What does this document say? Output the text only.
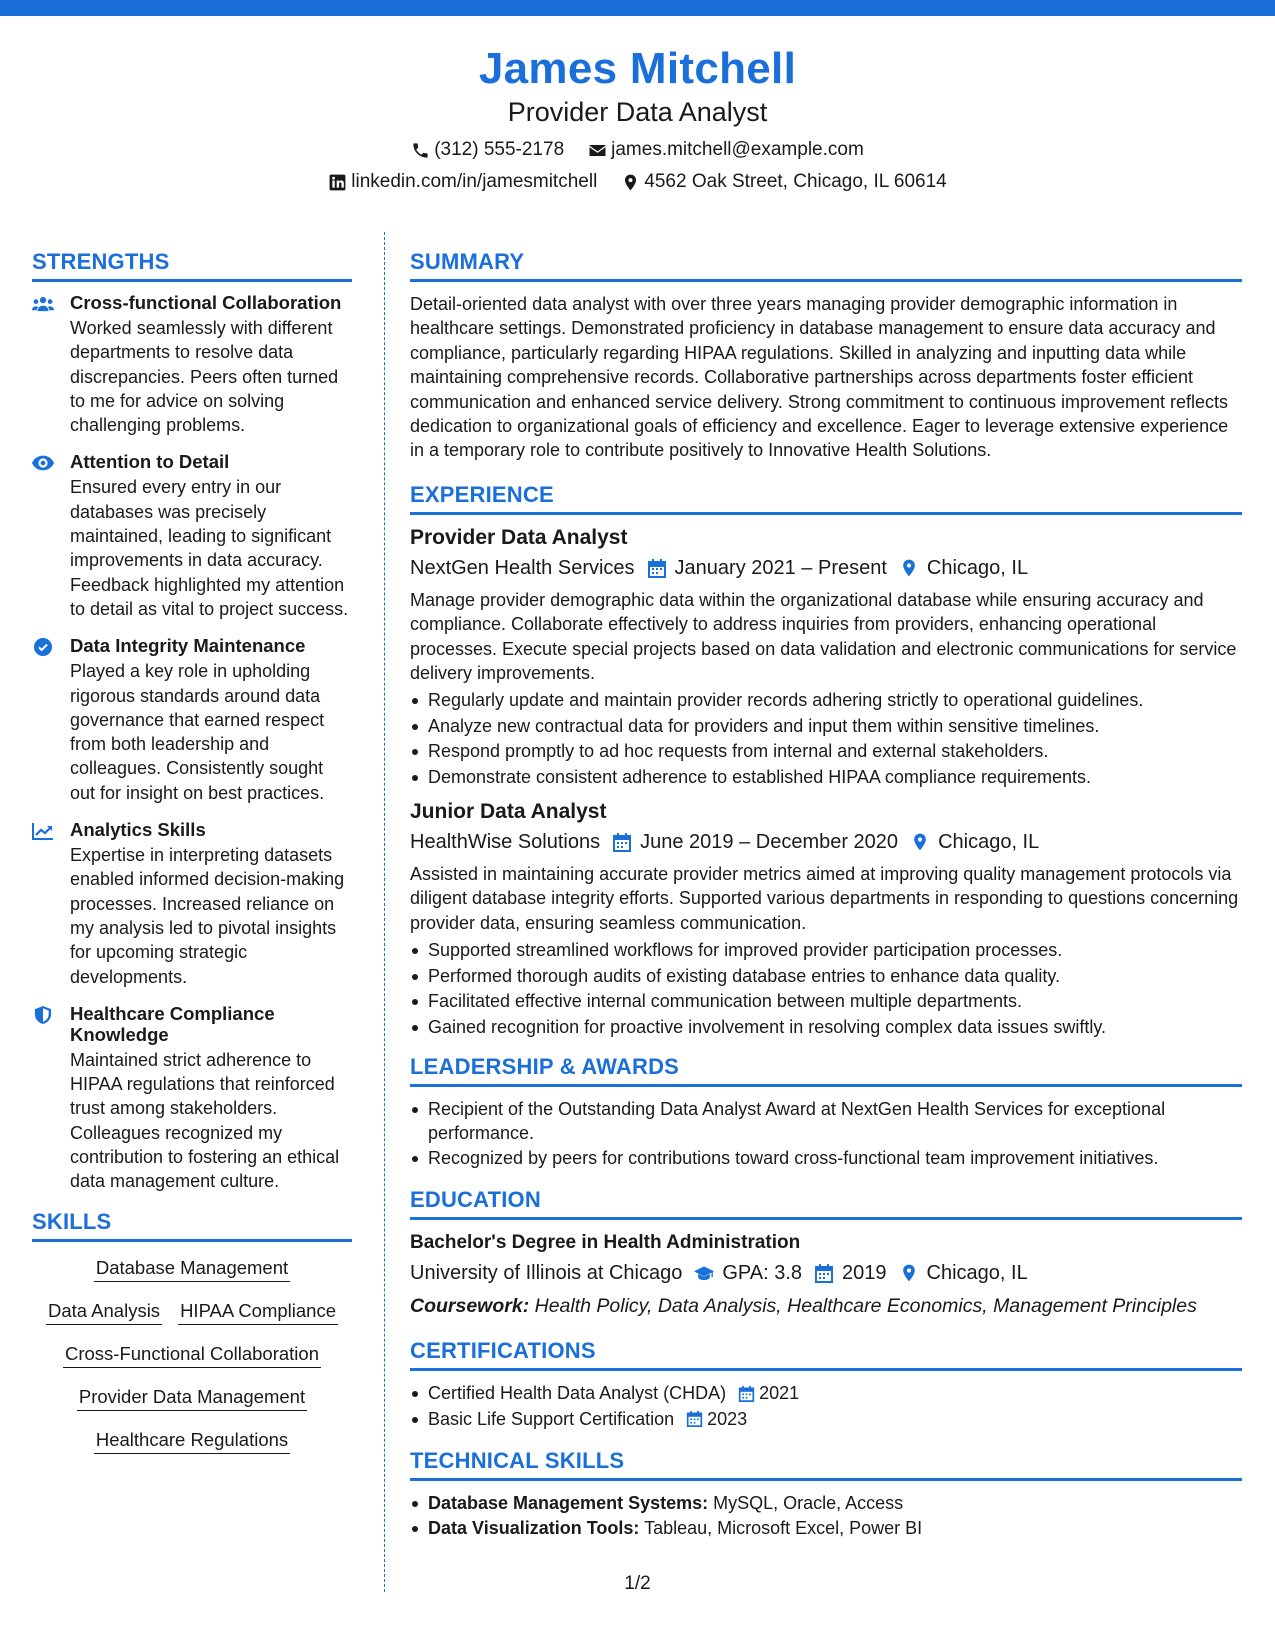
James Mitchell
Provider Data Analyst
(312) 555-2178 james.mitchell@example.com
linkedin.com/in/jamesmitchell 4562 Oak Street, Chicago, IL 60614
STRENGTHS
Cross-functional Collaboration
Worked seamlessly with different departments to resolve data discrepancies. Peers often turned to me for advice on solving challenging problems.
Attention to Detail
Ensured every entry in our databases was precisely maintained, leading to significant improvements in data accuracy. Feedback highlighted my attention to detail as vital to project success.
Data Integrity Maintenance
Played a key role in upholding rigorous standards around data governance that earned respect from both leadership and colleagues. Consistently sought out for insight on best practices.
Analytics Skills
Expertise in interpreting datasets enabled informed decision-making processes. Increased reliance on my analysis led to pivotal insights for upcoming strategic developments.
Healthcare Compliance Knowledge
Maintained strict adherence to HIPAA regulations that reinforced trust among stakeholders. Colleagues recognized my contribution to fostering an ethical data management culture.
SKILLS
Database Management
Data Analysis HIPAA Compliance
Cross-Functional Collaboration
Provider Data Management
Healthcare Regulations
SUMMARY
Detail-oriented data analyst with over three years managing provider demographic information in healthcare settings. Demonstrated proficiency in database management to ensure data accuracy and compliance, particularly regarding HIPAA regulations. Skilled in analyzing and inputting data while maintaining comprehensive records. Collaborative partnerships across departments foster efficient communication and enhanced service delivery. Strong commitment to continuous improvement reflects dedication to organizational goals of efficiency and excellence. Eager to leverage extensive experience in a temporary role to contribute positively to Innovative Health Solutions.
EXPERIENCE
Provider Data Analyst
NextGen Health Services January 2021 – Present Chicago, IL
Manage provider demographic data within the organizational database while ensuring accuracy and compliance. Collaborate effectively to address inquiries from providers, enhancing operational processes. Execute special projects based on data validation and electronic communications for service delivery improvements.
Regularly update and maintain provider records adhering strictly to operational guidelines.
Analyze new contractual data for providers and input them within sensitive timelines.
Respond promptly to ad hoc requests from internal and external stakeholders.
Demonstrate consistent adherence to established HIPAA compliance requirements.
Junior Data Analyst
HealthWise Solutions June 2019 – December 2020 Chicago, IL
Assisted in maintaining accurate provider metrics aimed at improving quality management protocols via diligent database integrity efforts. Supported various departments in responding to questions concerning provider data, ensuring seamless communication.
Supported streamlined workflows for improved provider participation processes.
Performed thorough audits of existing database entries to enhance data quality.
Facilitated effective internal communication between multiple departments.
Gained recognition for proactive involvement in resolving complex data issues swiftly.
LEADERSHIP & AWARDS
Recipient of the Outstanding Data Analyst Award at NextGen Health Services for exceptional performance.
Recognized by peers for contributions toward cross-functional team improvement initiatives.
EDUCATION
Bachelor's Degree in Health Administration
University of Illinois at Chicago GPA: 3.8 2019 Chicago, IL
Coursework: Health Policy, Data Analysis, Healthcare Economics, Management Principles
CERTIFICATIONS
Certified Health Data Analyst (CHDA) 2021
Basic Life Support Certification 2023
TECHNICAL SKILLS
Database Management Systems: MySQL, Oracle, Access
Data Visualization Tools: Tableau, Microsoft Excel, Power BI
1/2
